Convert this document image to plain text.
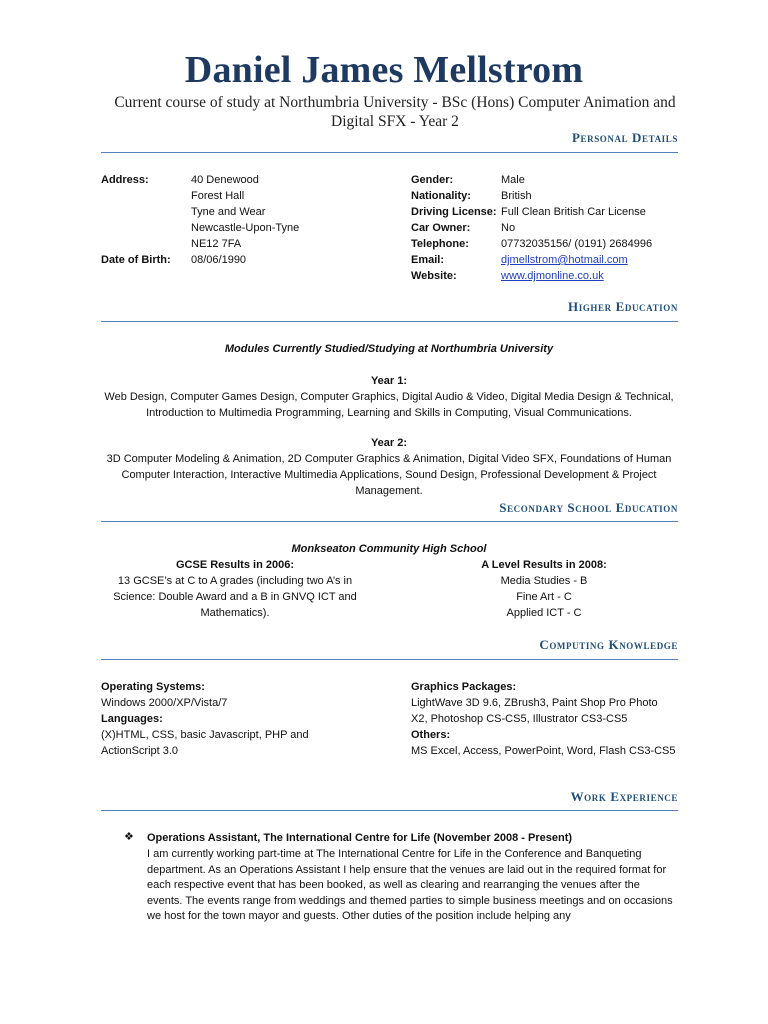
Daniel James Mellstrom
Current course of study at Northumbria University - BSc (Hons) Computer Animation and Digital SFX - Year 2
Personal Details
Address:	40 Denewood
Forest Hall
Tyne and Wear
Newcastle-Upon-Tyne
NE12 7FA
Date of Birth:	08/06/1990
Gender:	Male
Nationality:	British
Driving License: Full Clean British Car License
Car Owner:	No
Telephone:	07732035156/ (0191) 2684996
Email:	djmellstrom@hotmail.com
Website:	www.djmonline.co.uk
Higher Education
Modules Currently Studied/Studying at Northumbria University
Year 1:
Web Design, Computer Games Design, Computer Graphics, Digital Audio & Video, Digital Media Design & Technical, Introduction to Multimedia Programming, Learning and Skills in Computing, Visual Communications.
Year 2:
3D Computer Modeling & Animation, 2D Computer Graphics & Animation, Digital Video SFX, Foundations of Human Computer Interaction, Interactive Multimedia Applications, Sound Design, Professional Development & Project Management.
Secondary School Education
Monkseaton Community High School
GCSE Results in 2006:
13 GCSE’s at C to A grades (including two A’s in Science: Double Award and a B in GNVQ ICT and Mathematics).
A Level Results in 2008:
Media Studies - B
Fine Art - C
Applied ICT - C
Computing Knowledge
Operating Systems:
Windows 2000/XP/Vista/7
Languages:
(X)HTML, CSS, basic Javascript, PHP and ActionScript 3.0
Graphics Packages:
LightWave 3D 9.6, ZBrush3, Paint Shop Pro Photo X2, Photoshop CS-CS5, Illustrator CS3-CS5
Others:
MS Excel, Access, PowerPoint, Word, Flash CS3-CS5
Work Experience
❖ Operations Assistant, The International Centre for Life (November 2008 - Present)
I am currently working part-time at The International Centre for Life in the Conference and Banqueting department. As an Operations Assistant I help ensure that the venues are laid out in the required format for each respective event that has been booked, as well as clearing and rearranging the venues after the events. The events range from weddings and themed parties to simple business meetings and on occasions we host for the town mayor and guests. Other duties of the position include helping any
